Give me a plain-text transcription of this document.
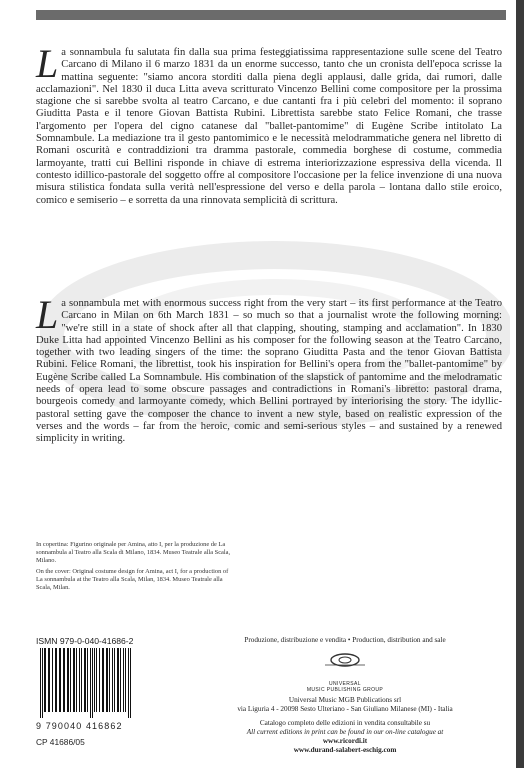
La sonnambula fu salutata fin dalla sua prima festeggiatissima rappresentazione sulle scene del Teatro Carcano di Milano il 6 marzo 1831 da un enorme successo, tanto che un cronista dell'epoca scrisse la mattina seguente: "siamo ancora storditi dalla piena degli applausi, dalle grida, dai rumori, dalle acclamazioni". Nel 1830 il duca Litta aveva scritturato Vincenzo Bellini come compositore per la prossima stagione che si sarebbe svolta al teatro Carcano, e due cantanti fra i più celebri del momento: il soprano Giuditta Pasta e il tenore Giovan Battista Rubini. Librettista sarebbe stato Felice Romani, che trasse l'argomento per l'opera del cigno catanese dal "ballet-pantomime" di Eugène Scribe intitolato La Somnambule. La mediazione tra il gesto pantomimico e le necessità melodrammatiche genera nel libretto di Romani oscurità e contraddizioni tra dramma pastorale, commedia borghese di costume, commedia larmoyante, tratti cui Bellini risponde in chiave di estrema interiorizzazione espressiva della vicenda. Il contesto idillico-pastorale del soggetto offre al compositore l'occasione per la felice invenzione di una nuova misura stilistica fondata sulla verità nell'espressione del verso e della parola – lontana dallo stile eroico, comico e semiserio – e sorretta da una rinnovata semplicità di scrittura.

La sonnambula met with enormous success right from the very start – its first performance at the Teatro Carcano in Milan on 6th March 1831 – so much so that a journalist wrote the following morning: "we're still in a state of shock after all that clapping, shouting, stamping and acclamation". In 1830 Duke Litta had appointed Vincenzo Bellini as his composer for the following season at the Teatro Carcano, together with two leading singers of the time: the soprano Giuditta Pasta and the tenor Giovan Battista Rubini. Felice Romani, the librettist, took his inspiration for Bellini's opera from the "ballet-pantomime" by Eugène Scribe called La Somnambule. His combination of the slapstick of pantomime and the melodramatic needs of opera lead to some obscure passages and contradictions in Romani's libretto: pastoral drama, bourgeois comedy and larmoyante comedy, which Bellini portrayed by interiorising the story. The idyllic-pastoral setting gave the composer the chance to invent a new style, based on realistic expression of the verses and the words – far from the heroic, comic and semi-serious styles – and sustained by a renewed simplicity in writing.

In copertina: Figurino originale per Amina, atto I, per la produzione de La sonnambula al Teatro alla Scala di Milano, 1834. Museo Teatrale alla Scala, Milano.

On the cover: Original costume design for Amina, act I, for a production of La sonnambula at the Teatro alla Scala, Milan, 1834. Museo Teatrale alla Scala, Milan.

ISMN 979-0-040-41686-2

9 790040 416862
CP 41686/05

Produzione, distribuzione e vendita • Production, distribution and sale

UNIVERSAL

MUSIC PUBLISHING GROUP

Universal Music MGB Publications srl

via Liguria 4 - 20098 Sesto Ulteriano - San Giuliano Milanese (MI) - Italia

Catalogo completo delle edizioni in vendita consultabile su

All current editions in print can be found in our on-line catalogue at

www.ricordi.it

www.durand-salabert-eschig.com
